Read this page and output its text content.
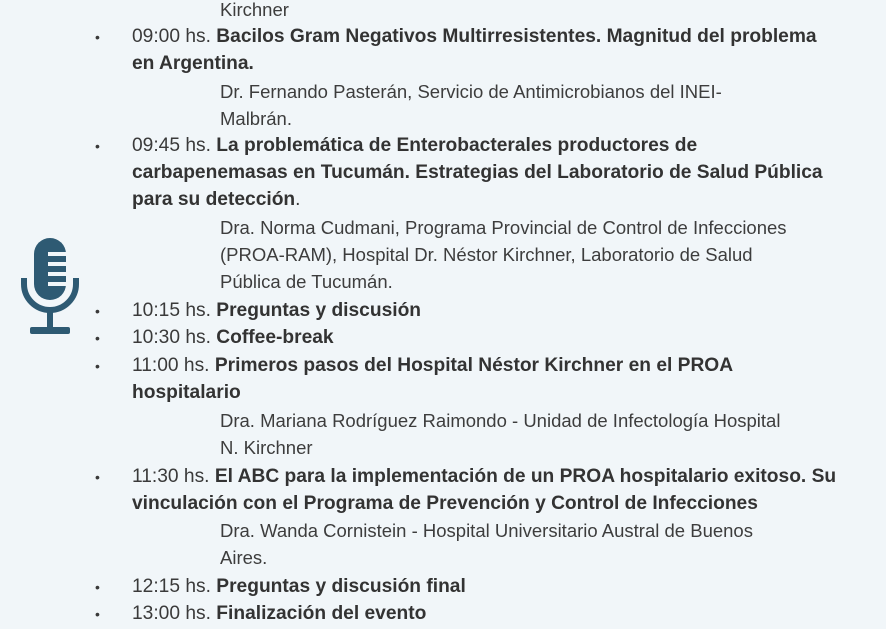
Kirchner
• 09:00 hs. Bacilos Gram Negativos Multirresistentes. Magnitud del problema
en Argentina.
Dr. Fernando Pasterán, Servicio de Antimicrobianos del INEI-
Malbrán.
• 09:45 hs. La problemática de Enterobacterales productores de
carbapenemasas en Tucumán. Estrategias del Laboratorio de Salud Pública
para su detección.
Dra. Norma Cudmani, Programa Provincial de Control de Infecciones
(PROA-RAM), Hospital Dr. Néstor Kirchner, Laboratorio de Salud
Pública de Tucumán.
• 10:15 hs. Preguntas y discusión
• 10:30 hs. Coffee-break
• 11:00 hs. Primeros pasos del Hospital Néstor Kirchner en el PROA
hospitalario
Dra. Mariana Rodríguez Raimondo - Unidad de Infectología Hospital
N. Kirchner
• 11:30 hs. El ABC para la implementación de un PROA hospitalario exitoso. Su
vinculación con el Programa de Prevención y Control de Infecciones
Dra. Wanda Cornistein - Hospital Universitario Austral de Buenos
Aires.
• 12:15 hs. Preguntas y discusión final
• 13:00 hs. Finalización del evento
